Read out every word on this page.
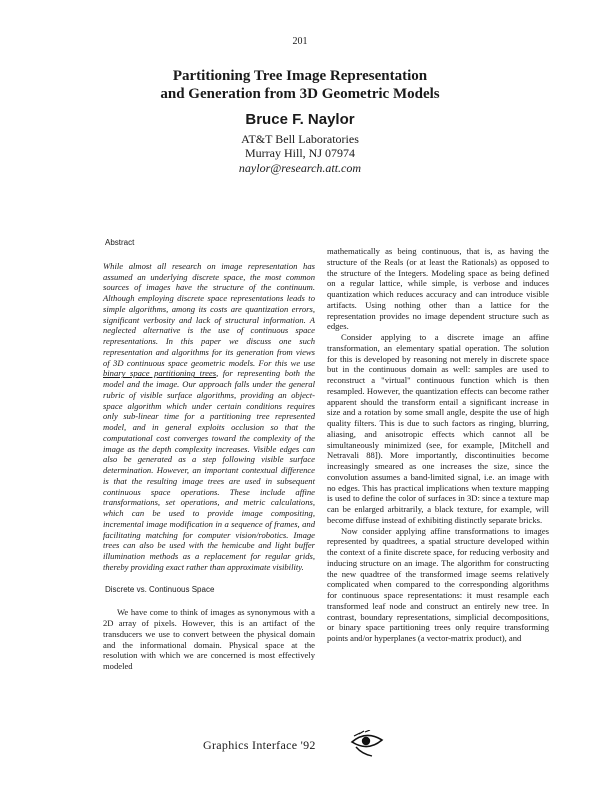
201
Partitioning Tree Image Representation
and Generation from 3D Geometric Models
Bruce F. Naylor
AT&T Bell Laboratories
Murray Hill, NJ 07974
naylor@research.att.com
Abstract

While almost all research on image representation has assumed an underlying discrete space, the most common sources of images have the structure of the continuum. Although employing discrete space representations leads to simple algorithms, among its costs are quantization errors, significant verbosity and lack of structural information. A neglected alternative is the use of continuous space representations. In this paper we discuss one such representation and algorithms for its generation from views of 3D continuous space geometric models. For this we use binary space partitioning trees, for representing both the model and the image. Our approach falls under the general rubric of visible surface algorithms, providing an object-space algorithm which under certain conditions requires only sub-linear time for a partitioning tree represented model, and in general exploits occlusion so that the computational cost converges toward the complexity of the image as the depth complexity increases. Visible edges can also be generated as a step following visible surface determination. However, an important contextual difference is that the resulting image trees are used in subsequent continuous space operations. These include affine transformations, set operations, and metric calculations, which can be used to provide image compositing, incremental image modification in a sequence of frames, and facilitating matching for computer vision/robotics. Image trees can also be used with the hemicube and light buffer illumination methods as a replacement for regular grids, thereby providing exact rather than approximate visibility.

Discrete vs. Continuous Space

We have come to think of images as synonymous with a 2D array of pixels. However, this is an artifact of the transducers we use to convert between the physical domain and the informational domain. Physical space at the resolution with which we are concerned is most effectively modeled

mathematically as being continuous, that is, as having the structure of the Reals (or at least the Rationals) as opposed to the structure of the Integers. Modeling space as being defined on a regular lattice, while simple, is verbose and induces quantization which reduces accuracy and can introduce visible artifacts. Using nothing other than a lattice for the representation provides no image dependent structure such as edges.

Consider applying to a discrete image an affine transformation, an elementary spatial operation. The solution for this is developed by reasoning not merely in discrete space but in the continuous domain as well: samples are used to reconstruct a "virtual" continuous function which is then resampled. However, the quantization effects can become rather apparent should the transform entail a significant increase in size and a rotation by some small angle, despite the use of high quality filters. This is due to such factors as ringing, blurring, aliasing, and anisotropic effects which cannot all be simultaneously minimized (see, for example, [Mitchell and Netravali 88]). More importantly, discontinuities become increasingly smeared as one increases the size, since the convolution assumes a band-limited signal, i.e. an image with no edges. This has practical implications when texture mapping is used to define the color of surfaces in 3D: since a texture map can be enlarged arbitrarily, a black texture, for example, will become diffuse instead of exhibiting distinctly separate bricks.

Now consider applying affine transformations to images represented by quadtrees, a spatial structure developed within the context of a finite discrete space, for reducing verbosity and inducing structure on an image. The algorithm for constructing the new quadtree of the transformed image seems relatively complicated when compared to the corresponding algorithms for continuous space representations: it must resample each transformed leaf node and construct an entirely new tree. In contrast, boundary representations, simplicial decompositions, or binary space partitioning trees only require transforming points and/or hyperplanes (a vector-matrix product), and

Graphics Interface '92
